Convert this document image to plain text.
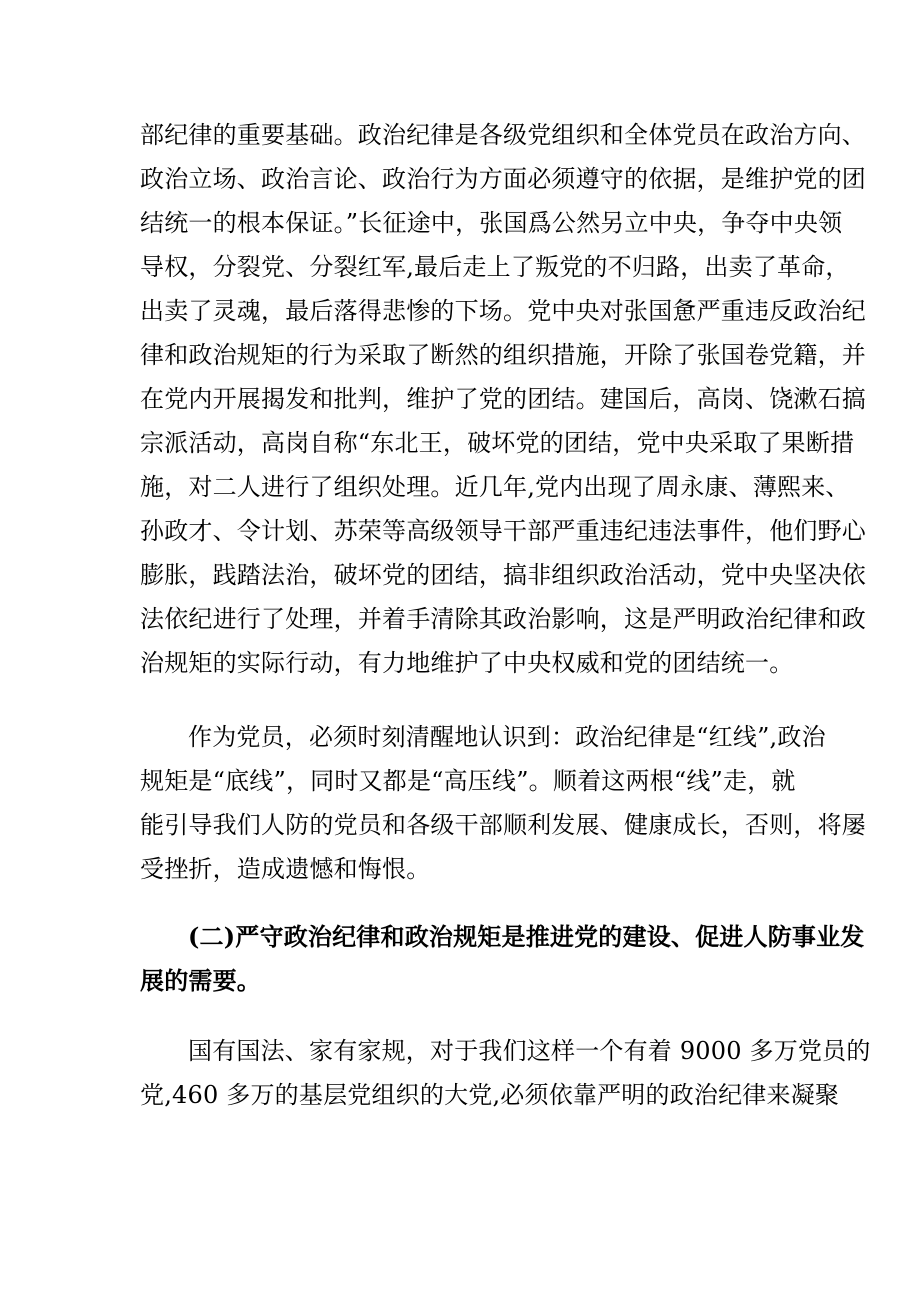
部纪律的重要基础。政治纪律是各级党组织和全体党员在政治方向、
政治立场、政治言论、政治行为方面必须遵守的依据，是维护党的团
结统一的根本保证。”长征途中，张国爲公然另立中央，争夺中央领
导权，分裂党、分裂红军,最后走上了叛党的不归路，出卖了革命，
出卖了灵魂，最后落得悲惨的下场。党中央对张国惫严重违反政治纪
律和政治规矩的行为采取了断然的组织措施，开除了张国卷党籍，并
在党内开展揭发和批判，维护了党的团结。建国后，高岗、饶漱石搞
宗派活动，高岗自称“东北王，破坏党的团结，党中央采取了果断措
施，对二人进行了组织处理。近几年,党内出现了周永康、薄熙来、
孙政才、令计划、苏荣等高级领导干部严重违纪违法事件，他们野心
膨胀，践踏法治，破坏党的团结，搞非组织政治活动，党中央坚决依
法依纪进行了处理，并着手清除其政治影响，这是严明政治纪律和政
治规矩的实际行动，有力地维护了中央权威和党的团结统一。
作为党员，必须时刻清醒地认识到：政治纪律是“红线”,政治
规矩是“底线”，同时又都是“高压线”。顺着这两根“线”走，就
能引导我们人防的党员和各级干部顺利发展、健康成长，否则，将屡
受挫折，造成遗憾和悔恨。
(二)严守政治纪律和政治规矩是推进党的建设、促进人防事业发
展的需要。
国有国法、家有家规，对于我们这样一个有着 9000 多万党员的
党,460 多万的基层党组织的大党,必须依靠严明的政治纪律来凝聚
